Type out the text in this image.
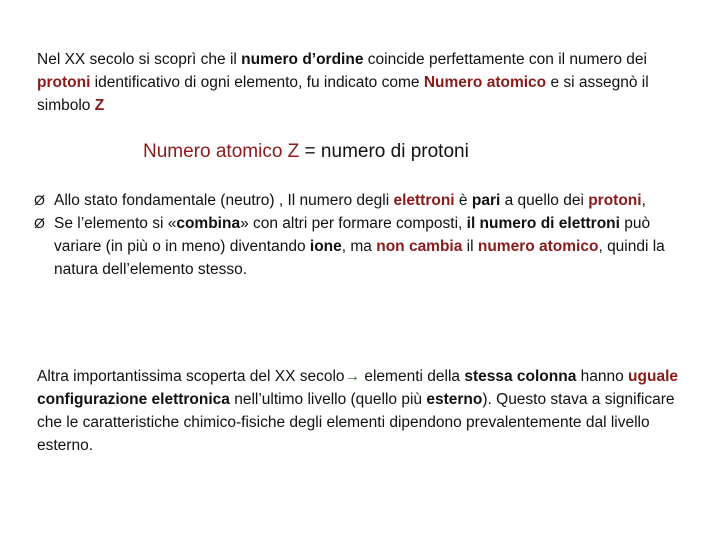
Nel XX secolo si scoprì che il numero d’ordine coincide perfettamente con il numero dei protoni identificativo di ogni elemento, fu indicato come Numero atomico e si assegnò il simbolo Z

Numero atomico Z = numero di protoni

Ø Allo stato fondamentale (neutro) , Il numero degli elettroni è pari a quello dei protoni,
Ø Se l’elemento si «combina» con altri per formare composti, il numero di elettroni può variare (in più o in meno) diventando ione, ma non cambia il numero atomico, quindi la natura dell’elemento stesso.

Altra importantissima scoperta del XX secolo→ elementi della stessa colonna hanno uguale configurazione elettronica nell’ultimo livello (quello più esterno). Questo stava a significare che le caratteristiche chimico-fisiche degli elementi dipendono prevalentemente dal livello esterno.
